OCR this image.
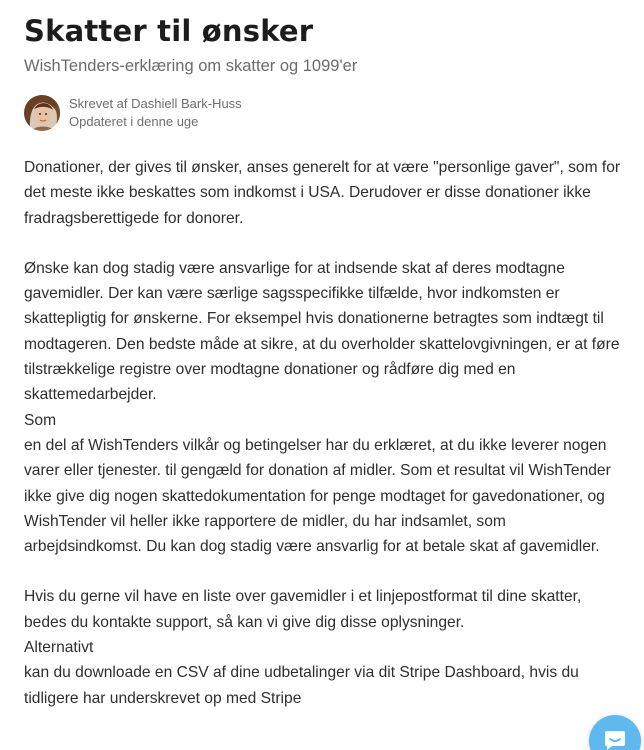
Skatter til ønsker
WishTenders-erklæring om skatter og 1099'er
Skrevet af Dashiell Bark-Huss
Opdateret i denne uge

Donationer, der gives til ønsker, anses generelt for at være "personlige gaver", som for det meste ikke beskattes som indkomst i USA. Derudover er disse donationer ikke fradragsberettigede for donorer.

Ønske kan dog stadig være ansvarlige for at indsende skat af deres modtagne gavemidler. Der kan være særlige sagsspecifikke tilfælde, hvor indkomsten er skattepligtig for ønskerne. For eksempel hvis donationerne betragtes som indtægt til modtageren. Den bedste måde at sikre, at du overholder skattelovgivningen, er at føre tilstrækkelige registre over modtagne donationer og rådføre dig med en skattemedarbejder.

Som

en del af WishTenders vilkår og betingelser har du erklæret, at du ikke leverer nogen varer eller tjenester. til gengæld for donation af midler. Som et resultat vil WishTender ikke give dig nogen skattedokumentation for penge modtaget for gavedonationer, og WishTender vil heller ikke rapportere de midler, du har indsamlet, som arbejdsindkomst. Du kan dog stadig være ansvarlig for at betale skat af gavemidler.

Hvis du gerne vil have en liste over gavemidler i et linjepostformat til dine skatter, bedes du kontakte support, så kan vi give dig disse oplysninger.

Alternativt

kan du downloade en CSV af dine udbetalinger via dit Stripe Dashboard, hvis du tidligere har underskrevet op med Stripe
